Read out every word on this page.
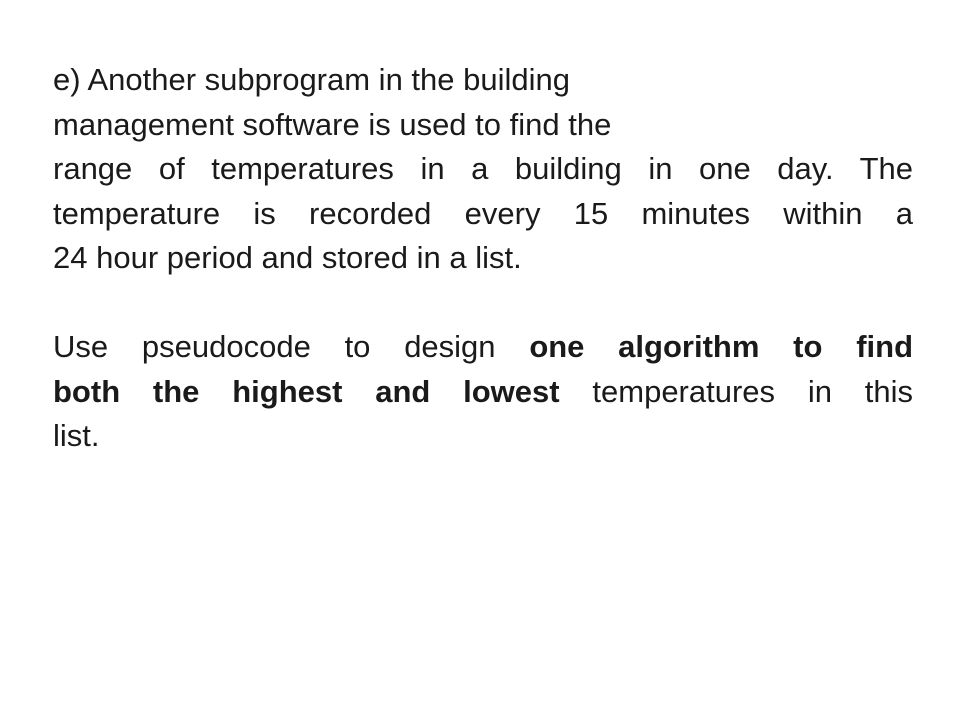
e) Another subprogram in the building
management software is used to find the
range of temperatures in a building in one day. The
temperature is recorded every 15 minutes within a
24 hour period and stored in a list.
Use pseudocode to design one algorithm to find
both the highest and lowest temperatures in this
list.
